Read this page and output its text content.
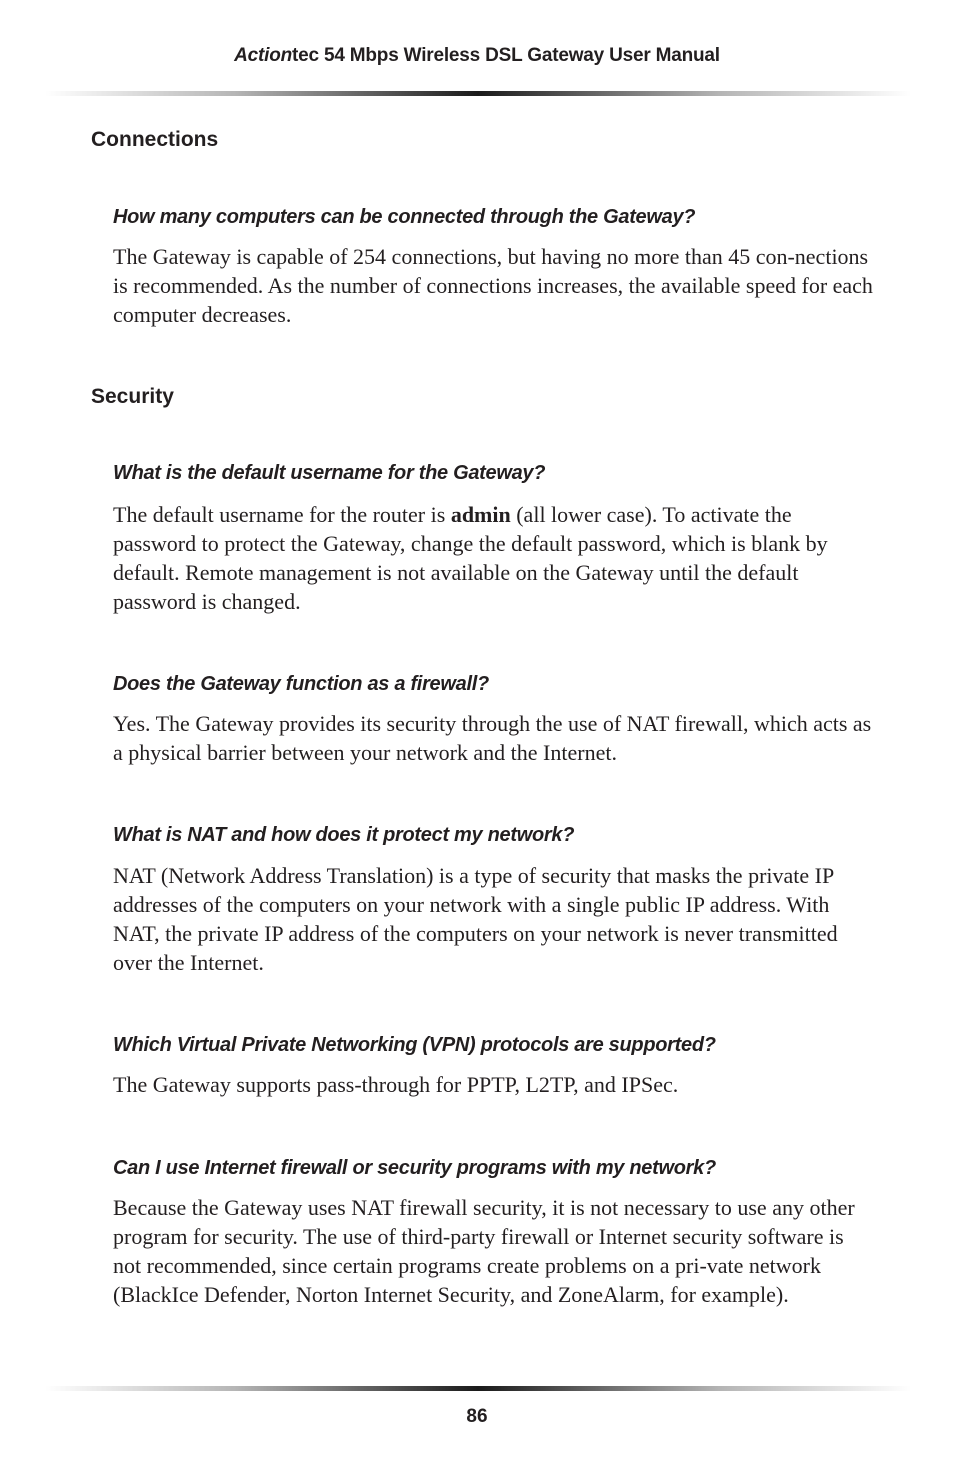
Actiontec 54 Mbps Wireless DSL Gateway User Manual
Connections
How many computers can be connected through the Gateway?

The Gateway is capable of 254 connections, but having no more than 45 con-nections is recommended. As the number of connections increases, the available speed for each computer decreases.

Security
What is the default username for the Gateway?

The default username for the router is admin (all lower case). To activate the password to protect the Gateway, change the default password, which is blank by default. Remote management is not available on the Gateway until the default password is changed.

Does the Gateway function as a firewall?

Yes. The Gateway provides its security through the use of NAT firewall, which acts as a physical barrier between your network and the Internet.

What is NAT and how does it protect my network?

NAT (Network Address Translation) is a type of security that masks the private IP addresses of the computers on your network with a single public IP address. With NAT, the private IP address of the computers on your network is never transmitted over the Internet.

Which Virtual Private Networking (VPN) protocols are supported?

The Gateway supports pass-through for PPTP, L2TP, and IPSec.

Can I use Internet firewall or security programs with my network?

Because the Gateway uses NAT firewall security, it is not necessary to use any other program for security. The use of third-party firewall or Internet security software is not recommended, since certain programs create problems on a pri-vate network (BlackIce Defender, Norton Internet Security, and ZoneAlarm, for example).

86
